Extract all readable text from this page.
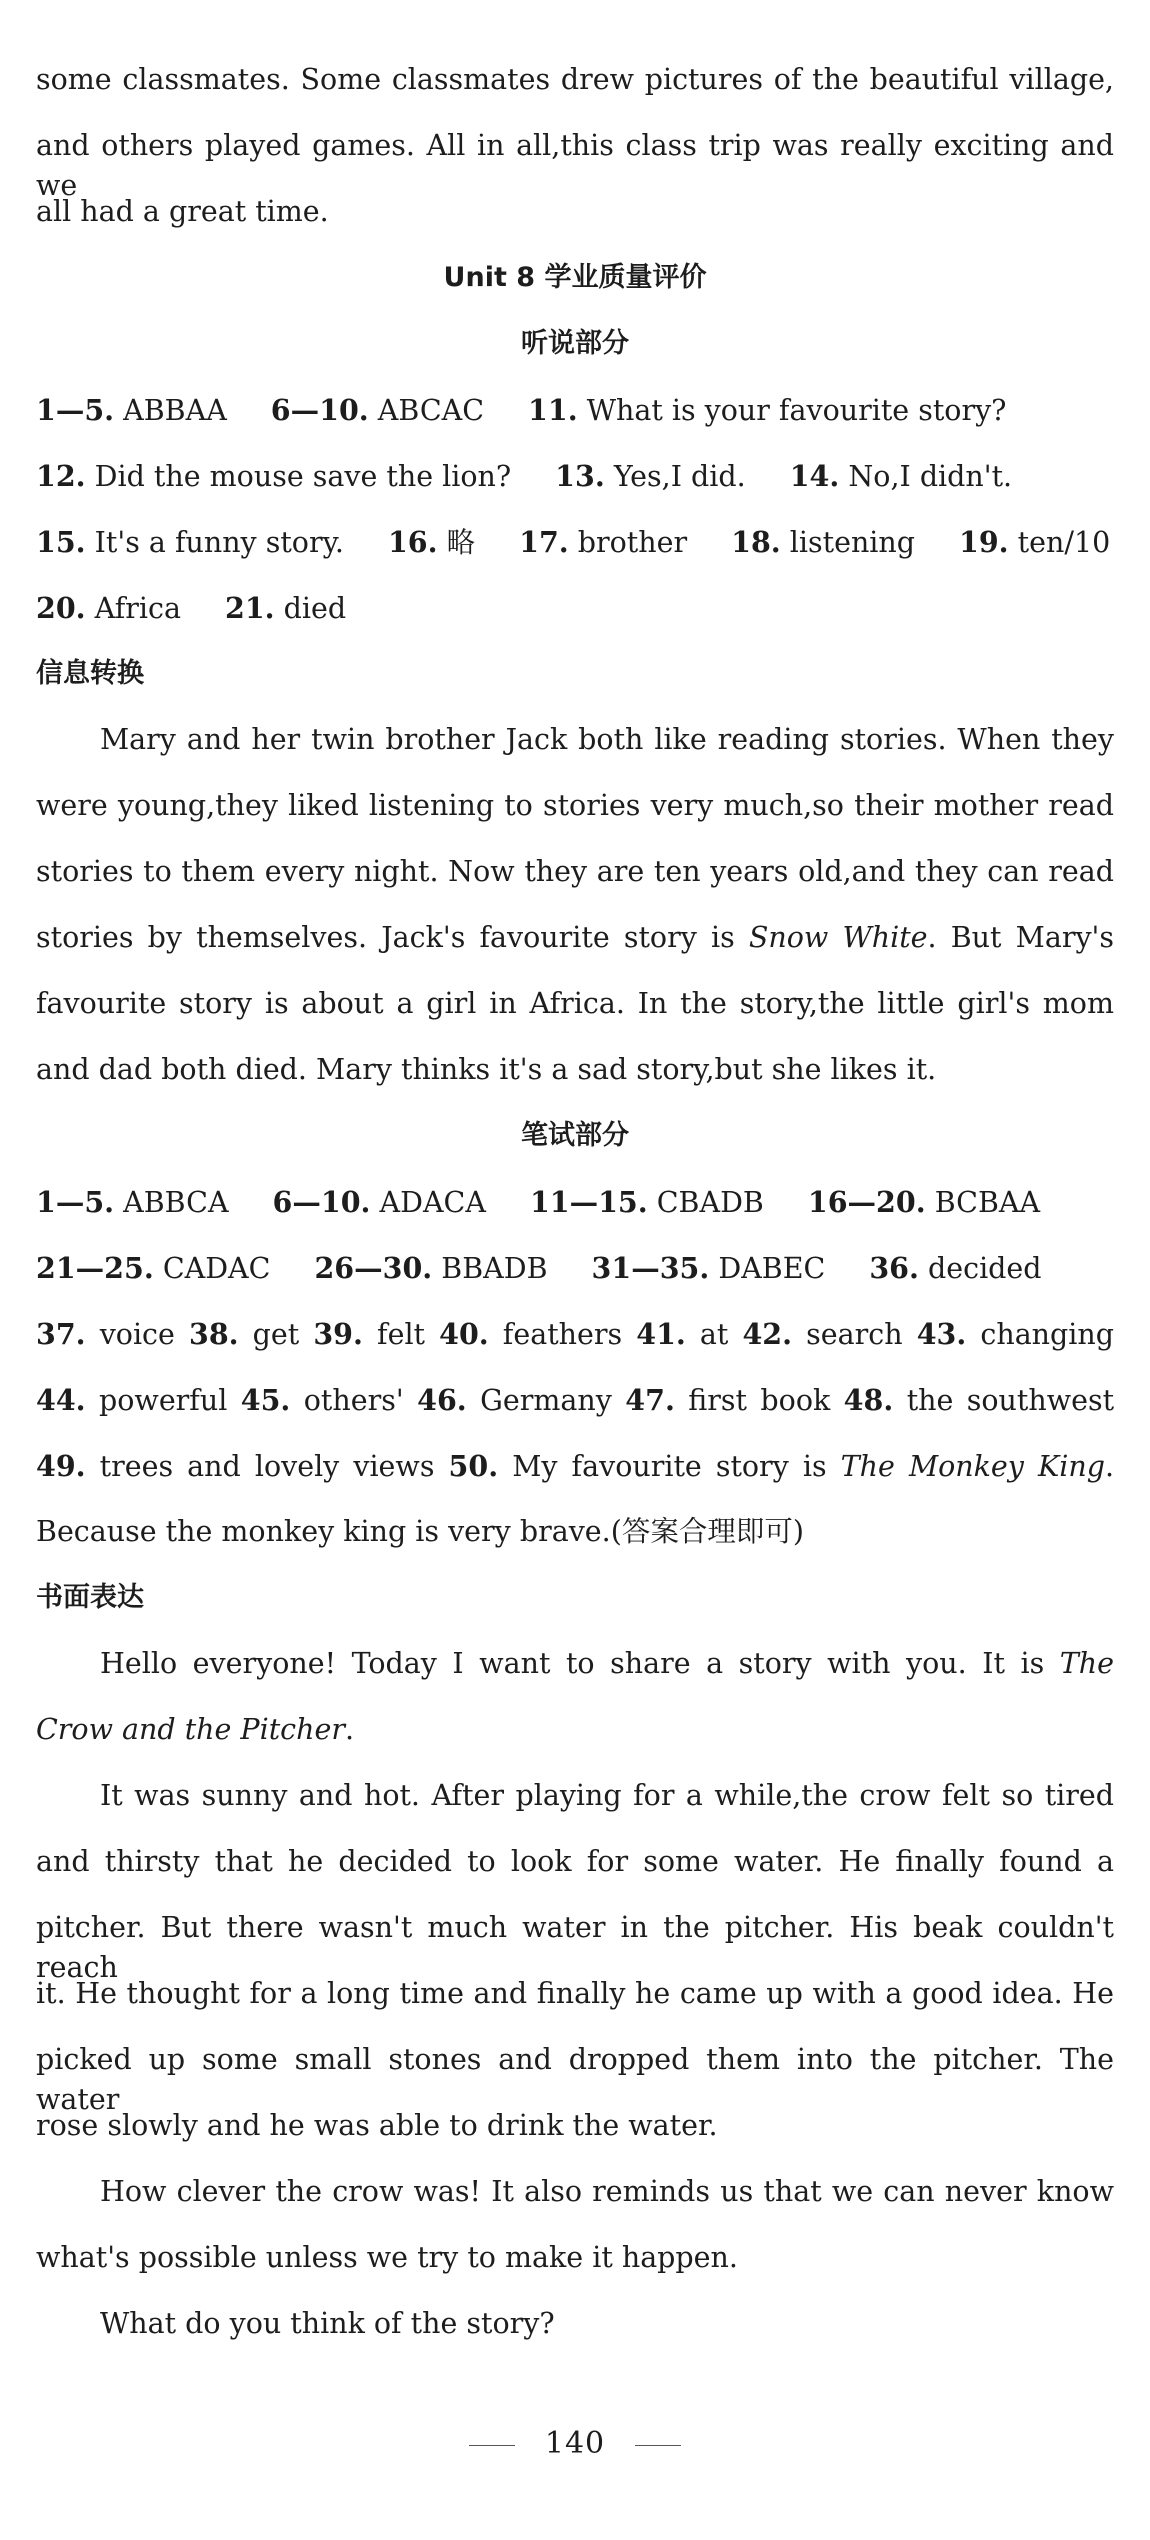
some classmates. Some classmates drew pictures of the beautiful village,
and others played games. All in all,this class trip was really exciting and we
all had a great time.
Unit 8 学业质量评价
听说部分
1—5. ABBAA 6—10. ABCAC 11. What is your favourite story?
12. Did the mouse save the lion? 13. Yes,I did. 14. No,I didn't.
15. It's a funny story. 16. 略 17. brother 18. listening 19. ten/10
20. Africa 21. died
信息转换
Mary and her twin brother Jack both like reading stories. When they
were young,they liked listening to stories very much,so their mother read
stories to them every night. Now they are ten years old,and they can read
stories by themselves. Jack's favourite story is Snow White. But Mary's
favourite story is about a girl in Africa. In the story,the little girl's mom
and dad both died. Mary thinks it's a sad story,but she likes it.
笔试部分
1—5. ABBCA 6—10. ADACA 11—15. CBADB 16—20. BCBAA
21—25. CADAC 26—30. BBADB 31—35. DABEC 36. decided
37. voice 38. get 39. felt 40. feathers 41. at 42. search 43. changing
44. powerful 45. others' 46. Germany 47. first book 48. the southwest
49. trees and lovely views 50. My favourite story is The Monkey King.
Because the monkey king is very brave.(答案合理即可)
书面表达
Hello everyone! Today I want to share a story with you. It is The
Crow and the Pitcher.
It was sunny and hot. After playing for a while,the crow felt so tired
and thirsty that he decided to look for some water. He finally found a
pitcher. But there wasn't much water in the pitcher. His beak couldn't reach
it. He thought for a long time and finally he came up with a good idea. He
picked up some small stones and dropped them into the pitcher. The water
rose slowly and he was able to drink the water.
How clever the crow was! It also reminds us that we can never know
what's possible unless we try to make it happen.
What do you think of the story?
140
